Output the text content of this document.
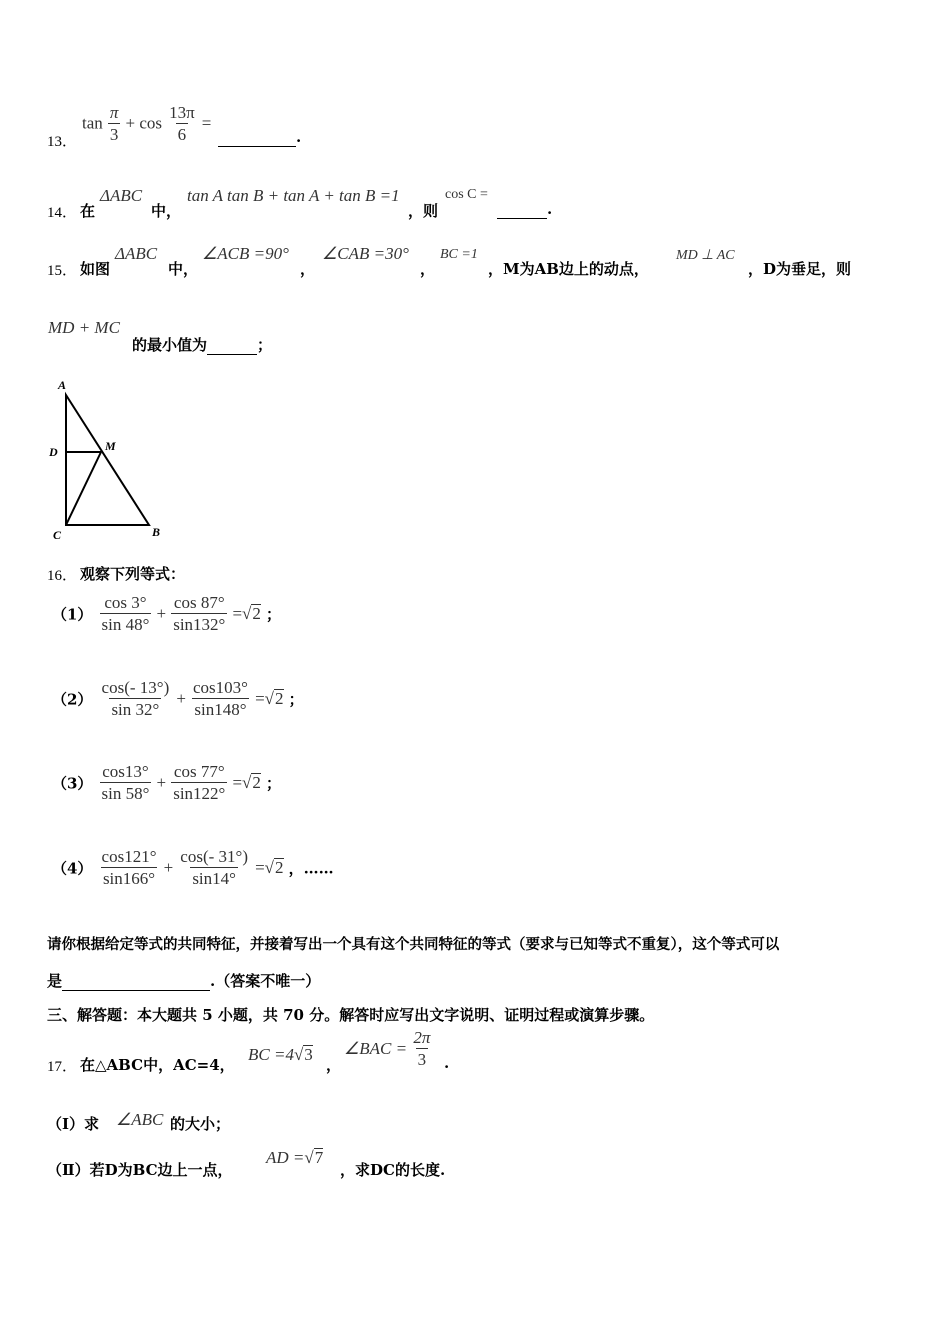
13．
$\tan \frac{\pi}{3} + \cos \frac{13\pi}{6}$ =
.
14． 在
ΔABC
中，
tan A tan B + tan A + tan B =1
，则
cos C =
.
15． 如图
ΔABC
中，
∠ACB =90°
，
∠CAB =30°
，
BC =1
，M为AB边上的动点，
MD ⊥ AC
，D为垂足，则
MD + MC
的最小值为	；
A
D	M
C	B
16． 观察下列等式：
$(1) \frac{\cos 3^\circ}{\sin 48^\circ} + \frac{\cos 87^\circ}{\sin 132^\circ} =√2$ ；
$(2) \frac{\cos(- 13^\circ)}{\sin 32^\circ} + \frac{\cos 103^\circ}{\sin 148^\circ} =√2$ ；
$(3) \frac{\cos 13^\circ}{\sin 58^\circ} + \frac{\cos 77^\circ}{\sin 122^\circ} =√2$ ；
$(4) \frac{\cos 121^\circ}{\sin 166^\circ} + \frac{\cos(- 31^\circ)}{\sin 14^\circ} =√2$ ，……
请你根据给定等式的共同特征，并接着写出一个具有这个共同特征的等式（要求与已知等式不重复），这个等式可以
是	.（答案不唯一）
三、解答题：本大题共 5 小题，共 70 分。解答时应写出文字说明、证明过程或演算步骤。
17． 在△ABC中，AC=4，
BC =4√3
，
∠BAC = $\frac{2\pi}{3}$ .
（Ⅰ）求 ∠ABC 的大小；
（Ⅱ）若D为BC边上一点，
AD =√7
，求DC的长度.
